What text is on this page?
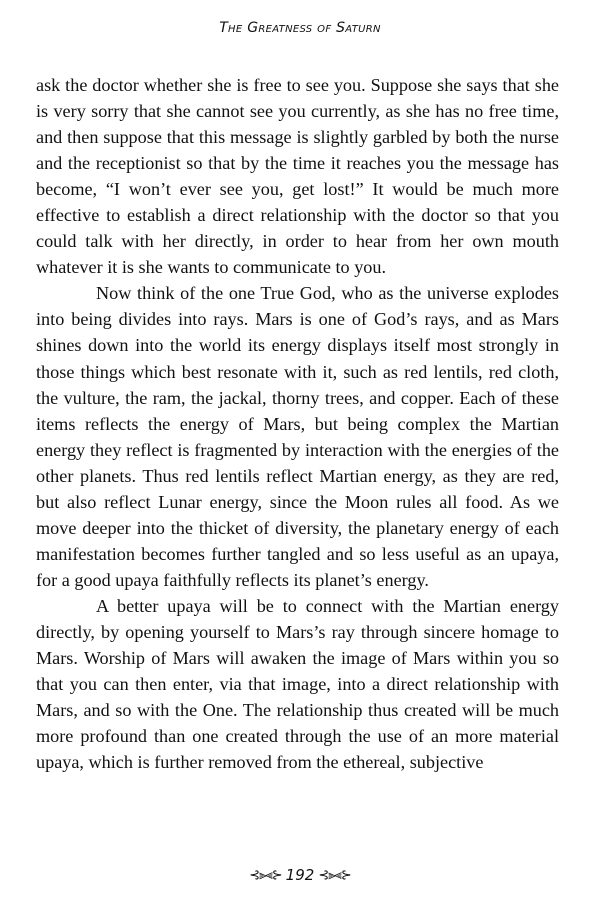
The Greatness of Saturn

ask the doctor whether she is free to see you. Suppose she says that she is very sorry that she cannot see you currently, as she has no free time, and then suppose that this message is slightly garbled by both the nurse and the receptionist so that by the time it reaches you the message has become, “I won’t ever see you, get lost!” It would be much more effective to establish a direct relationship with the doctor so that you could talk with her directly, in order to hear from her own mouth whatever it is she wants to communicate to you.

Now think of the one True God, who as the universe explodes into being divides into rays. Mars is one of God’s rays, and as Mars shines down into the world its energy displays itself most strongly in those things which best resonate with it, such as red lentils, red cloth, the vulture, the ram, the jackal, thorny trees, and copper. Each of these items reflects the energy of Mars, but being complex the Martian energy they reflect is fragmented by interaction with the energies of the other planets. Thus red lentils reflect Martian energy, as they are red, but also reflect Lunar energy, since the Moon rules all food. As we move deeper into the thicket of diversity, the planetary energy of each manifestation becomes further tangled and so less useful as an upaya, for a good upaya faithfully reflects its planet’s energy.

A better upaya will be to connect with the Martian energy directly, by opening yourself to Mars’s ray through sincere homage to Mars. Worship of Mars will awaken the image of Mars within you so that you can then enter, via that image, into a direct relationship with Mars, and so with the One. The relationship thus created will be much more profound than one created through the use of an more material upaya, which is further removed from the ethereal, subjective

⊰⫸⫷⊱ 192 ⊰⫸⫷⊱
